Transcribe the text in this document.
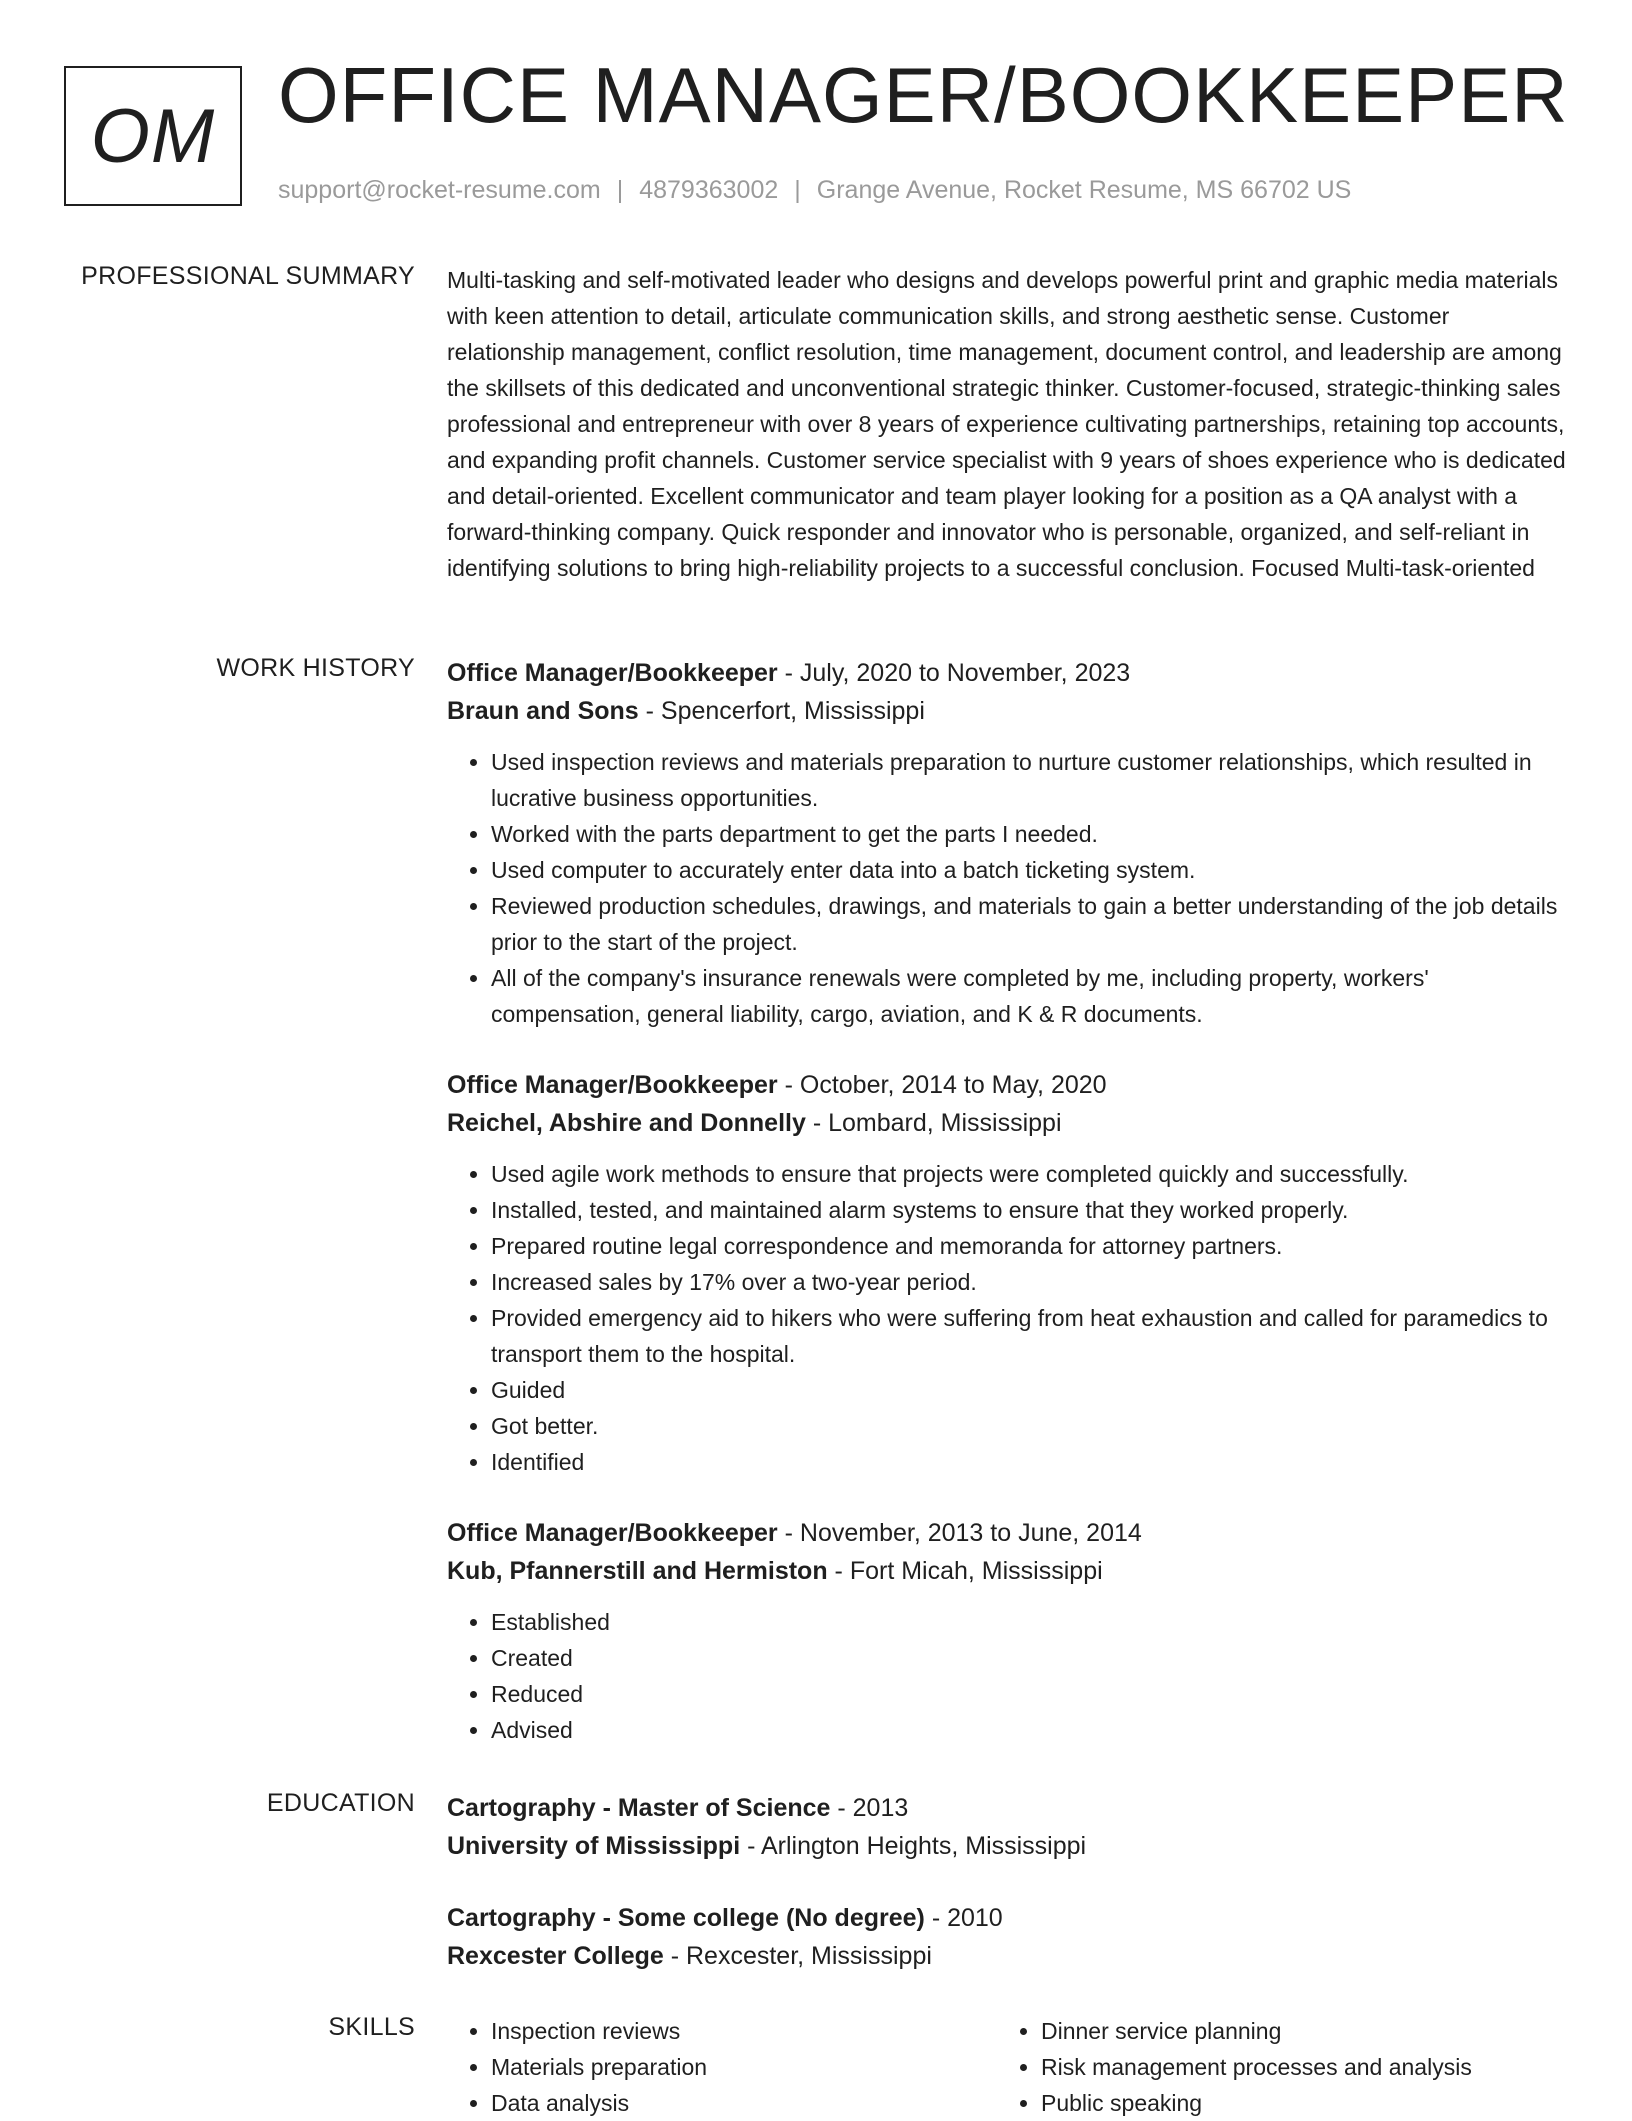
OM OFFICE MANAGER/BOOKKEEPER
support@rocket-resume.com | 4879363002 | Grange Avenue, Rocket Resume, MS 66702 US
PROFESSIONAL SUMMARY Multi-tasking and self-motivated leader who designs and develops powerful print and graphic media materials with keen attention to detail, articulate communication skills, and strong aesthetic sense. Customer relationship management, conflict resolution, time management, document control, and leadership are among the skillsets of this dedicated and unconventional strategic thinker. Customer-focused, strategic-thinking sales professional and entrepreneur with over 8 years of experience cultivating partnerships, retaining top accounts, and expanding profit channels. Customer service specialist with 9 years of shoes experience who is dedicated and detail-oriented. Excellent communicator and team player looking for a position as a QA analyst with a forward-thinking company. Quick responder and innovator who is personable, organized, and self-reliant in identifying solutions to bring high-reliability projects to a successful conclusion. Focused Multi-task-oriented

WORK HISTORY Office Manager/Bookkeeper - July, 2020 to November, 2023
Braun and Sons - Spencerfort, Mississippi
• Used inspection reviews and materials preparation to nurture customer relationships, which resulted in lucrative business opportunities.
• Worked with the parts department to get the parts I needed.
• Used computer to accurately enter data into a batch ticketing system.
• Reviewed production schedules, drawings, and materials to gain a better understanding of the job details prior to the start of the project.
• All of the company's insurance renewals were completed by me, including property, workers' compensation, general liability, cargo, aviation, and K & R documents.
Office Manager/Bookkeeper - October, 2014 to May, 2020
Reichel, Abshire and Donnelly - Lombard, Mississippi
• Used agile work methods to ensure that projects were completed quickly and successfully.
• Installed, tested, and maintained alarm systems to ensure that they worked properly.
• Prepared routine legal correspondence and memoranda for attorney partners.
• Increased sales by 17% over a two-year period.
• Provided emergency aid to hikers who were suffering from heat exhaustion and called for paramedics to transport them to the hospital.
• Guided
• Got better.
• Identified
Office Manager/Bookkeeper - November, 2013 to June, 2014
Kub, Pfannerstill and Hermiston - Fort Micah, Mississippi
• Established
• Created
• Reduced
• Advised
EDUCATION Cartography - Master of Science - 2013
University of Mississippi - Arlington Heights, Mississippi
Cartography - Some college (No degree) - 2010
Rexcester College - Rexcester, Mississippi
SKILLS
•	Inspection reviews
• Materials preparation
• Data analysis
• Dinner service planning
• Risk management processes and analysis
• Public speaking
